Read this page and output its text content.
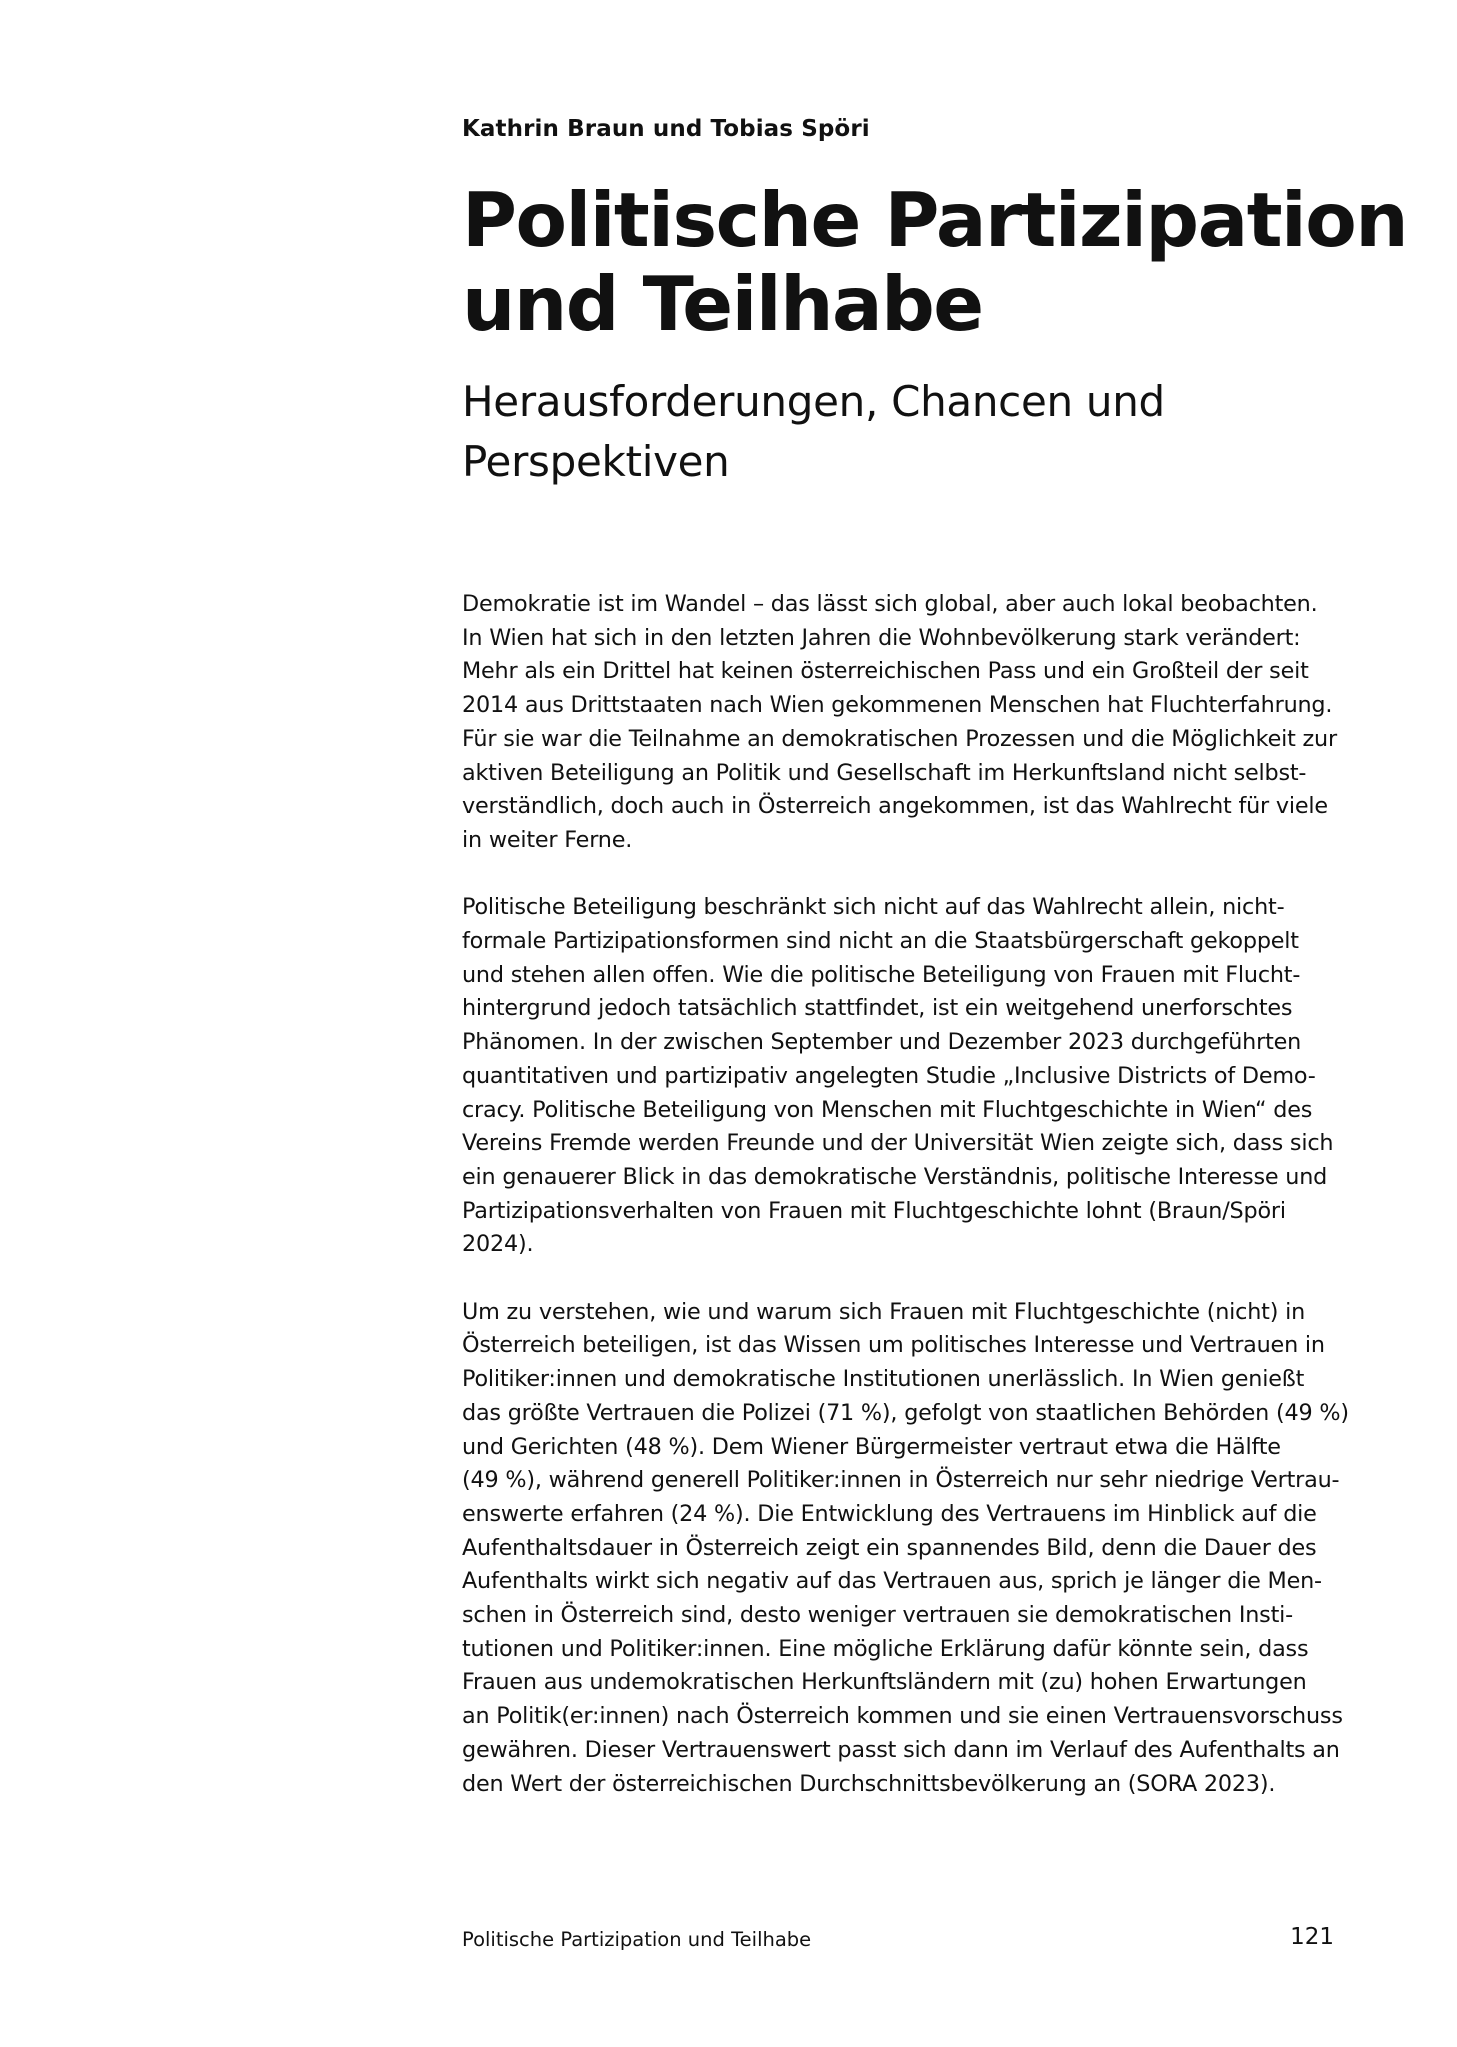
Kathrin Braun und Tobias Spöri

Politische Partizipation
und Teilhabe
Herausforderungen, Chancen und
Perspektiven

Demokratie ist im Wandel – das lässt sich global, aber auch lokal beobachten.
In Wien hat sich in den letzten Jahren die Wohnbevölkerung stark verändert:
Mehr als ein Drittel hat keinen österreichischen Pass und ein Großteil der seit
2014 aus Drittstaaten nach Wien gekommenen Menschen hat Fluchterfahrung.
Für sie war die Teilnahme an demokratischen Prozessen und die Möglichkeit zur
aktiven Beteiligung an Politik und Gesellschaft im Herkunftsland nicht selbst-
verständlich, doch auch in Österreich angekommen, ist das Wahlrecht für viele
in weiter Ferne.

Politische Beteiligung beschränkt sich nicht auf das Wahlrecht allein, nicht-
formale Partizipationsformen sind nicht an die Staatsbürgerschaft gekoppelt
und stehen allen offen. Wie die politische Beteiligung von Frauen mit Flucht-
hintergrund jedoch tatsächlich stattfindet, ist ein weitgehend unerforschtes
Phänomen. In der zwischen September und Dezember 2023 durchgeführten
quantitativen und partizipativ angelegten Studie „Inclusive Districts of Demo-
cracy. Politische Beteiligung von Menschen mit Fluchtgeschichte in Wien“ des
Vereins Fremde werden Freunde und der Universität Wien zeigte sich, dass sich
ein genauerer Blick in das demokratische Verständnis, politische Interesse und
Partizipationsverhalten von Frauen mit Fluchtgeschichte lohnt (Braun/Spöri
2024).

Um zu verstehen, wie und warum sich Frauen mit Fluchtgeschichte (nicht) in
Österreich beteiligen, ist das Wissen um politisches Interesse und Vertrauen in
Politiker:innen und demokratische Institutionen unerlässlich. In Wien genießt
das größte Vertrauen die Polizei (71 %), gefolgt von staatlichen Behörden (49 %)
und Gerichten (48 %). Dem Wiener Bürgermeister vertraut etwa die Hälfte
(49 %), während generell Politiker:innen in Österreich nur sehr niedrige Vertrau-
enswerte erfahren (24 %). Die Entwicklung des Vertrauens im Hinblick auf die
Aufenthaltsdauer in Österreich zeigt ein spannendes Bild, denn die Dauer des
Aufenthalts wirkt sich negativ auf das Vertrauen aus, sprich je länger die Men-
schen in Österreich sind, desto weniger vertrauen sie demokratischen Insti-
tutionen und Politiker:innen. Eine mögliche Erklärung dafür könnte sein, dass
Frauen aus undemokratischen Herkunftsländern mit (zu) hohen Erwartungen
an Politik(er:innen) nach Österreich kommen und sie einen Vertrauensvorschuss
gewähren. Dieser Vertrauenswert passt sich dann im Verlauf des Aufenthalts an
den Wert der österreichischen Durchschnittsbevölkerung an (SORA 2023).

Politische Partizipation und Teilhabe	121
